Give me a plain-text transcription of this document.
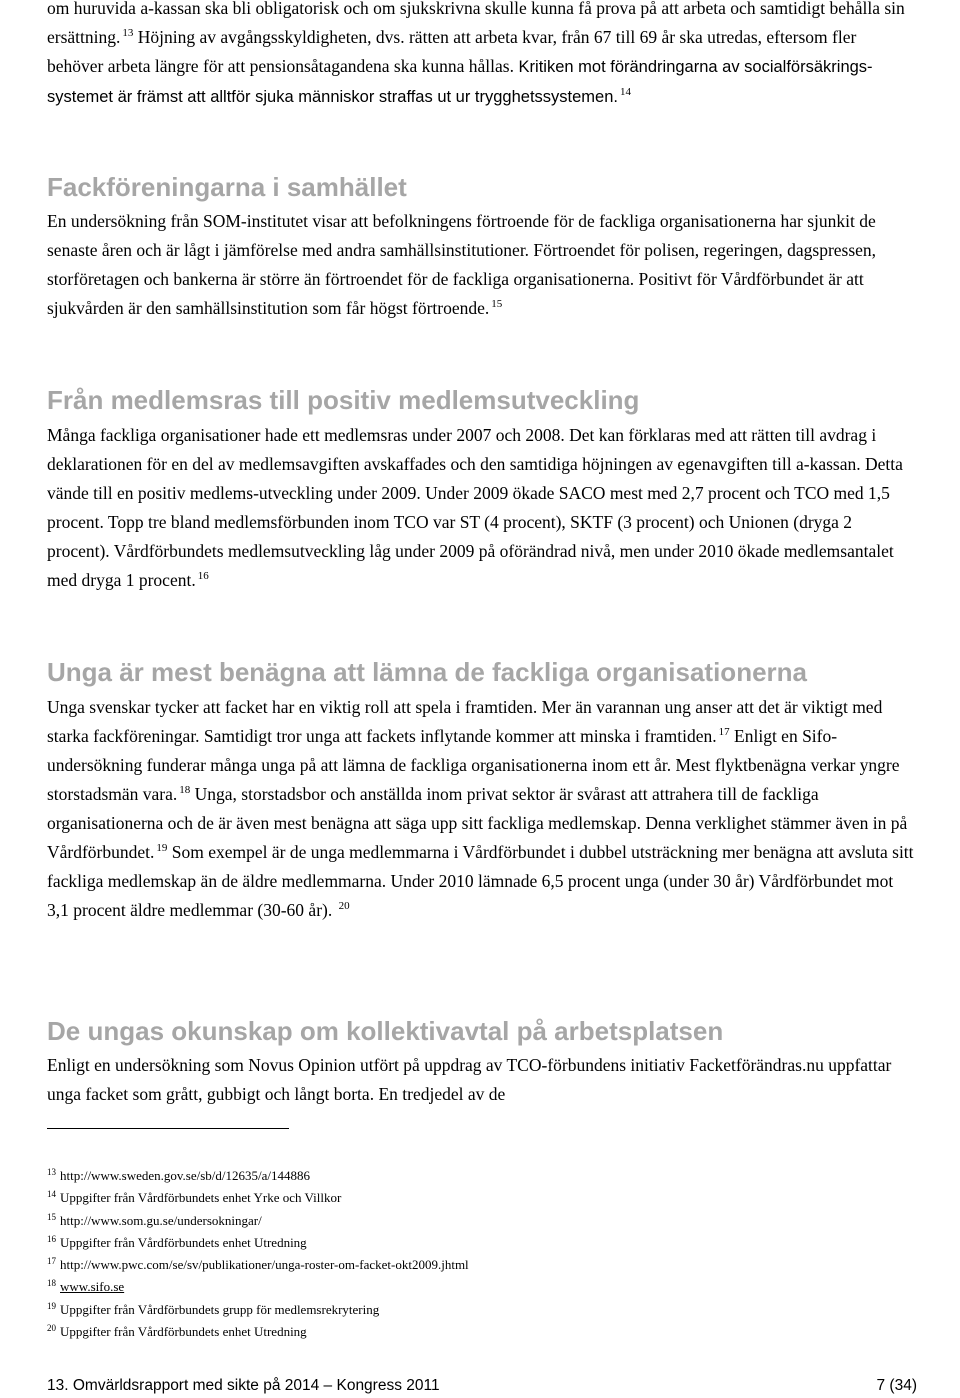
om huruvida a-kassan ska bli obligatorisk och om sjukskrivna skulle kunna få prova på att arbeta och samtidigt behålla sin ersättning. $^{13}$ Höjning av avgångsskyldigheten, dvs. rätten att arbeta kvar, från 67 till 69 år ska utredas, eftersom fler behöver arbeta längre för att pensionsåtagandena ska kunna hållas. Kritiken mot förändringarna av socialförsäkrings-systemet är främst att alltför sjuka människor straffas ut ur trygghetssystemen. $^{14}$

Fackföreningarna i samhället

En undersökning från SOM-institutet visar att befolkningens förtroende för de fackliga organisationerna har sjunkit de senaste åren och är lågt i jämförelse med andra samhällsinstitutioner. Förtroendet för polisen, regeringen, dagspressen, storföretagen och bankerna är större än förtroendet för de fackliga organisationerna. Positivt för Vårdförbundet är att sjukvården är den samhällsinstitution som får högst förtroende. $^{15}$

Från medlemsras till positiv medlemsutveckling

Många fackliga organisationer hade ett medlemsras under 2007 och 2008. Det kan förklaras med att rätten till avdrag i deklarationen för en del av medlemsavgiften avskaffades och den samtidiga höjningen av egenavgiften till a-kassan. Detta vände till en positiv medlems-utveckling under 2009. Under 2009 ökade SACO mest med 2,7 procent och TCO med 1,5 procent. Topp tre bland medlemsförbunden inom TCO var ST (4 procent), SKTF (3 procent) och Unionen (dryga 2 procent). Vårdförbundets medlemsutveckling låg under 2009 på oförändrad nivå, men under 2010 ökade medlemsantalet med dryga 1 procent. $^{16}$

Unga är mest benägna att lämna de fackliga organisationerna

Unga svenskar tycker att facket har en viktig roll att spela i framtiden. Mer än varannan ung anser att det är viktigt med starka fackföreningar. Samtidigt tror unga att fackets inflytande kommer att minska i framtiden. $^{17}$ Enligt en Sifo-undersökning funderar många unga på att lämna de fackliga organisationerna inom ett år. Mest flyktbenägna verkar yngre storstadsmän vara. $^{18}$ Unga, storstadsbor och anställda inom privat sektor är svårast att attrahera till de fackliga organisationerna och de är även mest benägna att säga upp sitt fackliga medlemskap. Denna verklighet stämmer även in på Vårdförbundet. $^{19}$ Som exempel är de unga medlemmarna i Vårdförbundet i dubbel utsträckning mer benägna att avsluta sitt fackliga medlemskap än de äldre medlemmarna. Under 2010 lämnade 6,5 procent unga (under 30 år) Vårdförbundet mot 3,1 procent äldre medlemmar (30-60 år). $^{20}$

De ungas okunskap om kollektivavtal på arbetsplatsen

Enligt en undersökning som Novus Opinion utfört på uppdrag av TCO-förbundens initiativ Facketförändras.nu uppfattar unga facket som grått, gubbigt och långt borta. En tredjedel av de

$^{13}$ http://www.sweden.gov.se/sb/d/12635/a/144886

$^{14}$ Uppgifter från Vårdförbundets enhet Yrke och Villkor

$^{15}$ http://www.som.gu.se/undersokningar/

$^{16}$ Uppgifter från Vårdförbundets enhet Utredning

$^{17}$ http://www.pwc.com/se/sv/publikationer/unga-roster-om-facket-okt2009.jhtml

$^{18}$ www.sifo.se

$^{19}$ Uppgifter från Vårdförbundets grupp för medlemsrekrytering

$^{20}$ Uppgifter från Vårdförbundets enhet Utredning

13. Omvärldsrapport med sikte på 2014 – Kongress 2011	7 (34)
